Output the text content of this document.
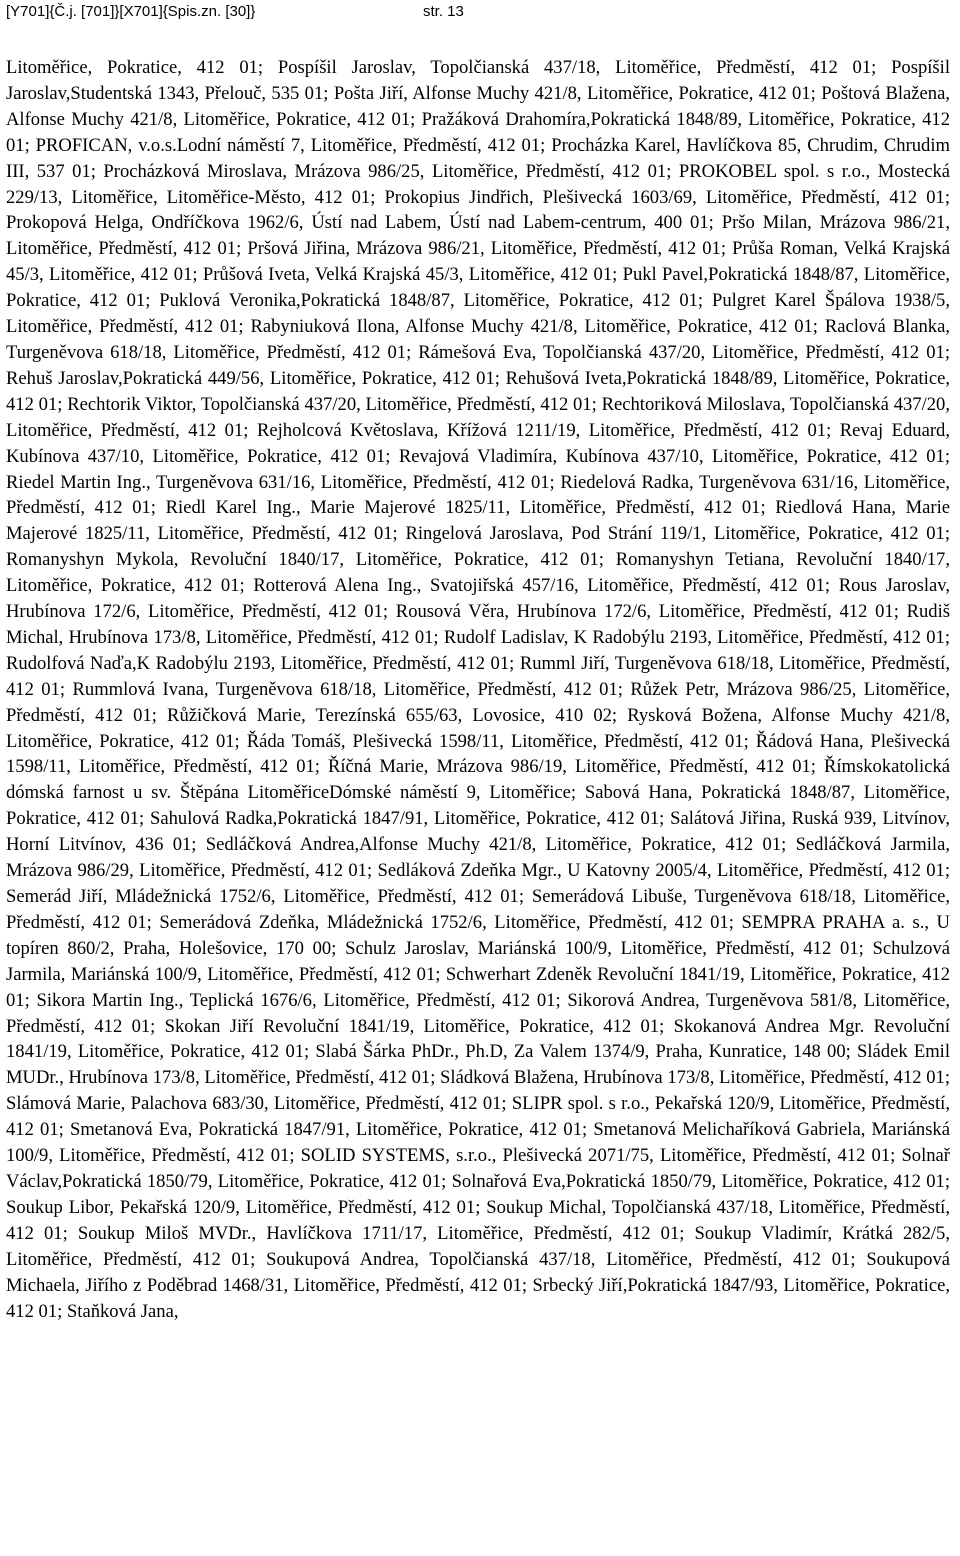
[Y701]{Č.j. [701]}[X701]{Spis.zn. [30]}	str. 13

Litoměřice, Pokratice, 412 01; Pospíšil Jaroslav, Topolčianská 437/18, Litoměřice, Předměstí, 412 01; Pospíšil Jaroslav,Studentská 1343, Přelouč, 535 01; Pošta Jiří, Alfonse Muchy 421/8, Litoměřice, Pokratice, 412 01; Poštová Blažena, Alfonse Muchy 421/8, Litoměřice, Pokratice, 412 01; Pražáková Drahomíra,Pokratická 1848/89, Litoměřice, Pokratice, 412 01; PROFICAN, v.o.s.Lodní náměstí 7, Litoměřice, Předměstí, 412 01; Procházka Karel, Havlíčkova 85, Chrudim, Chrudim III, 537 01; Procházková Miroslava, Mrázova 986/25, Litoměřice, Předměstí, 412 01; PROKOBEL spol. s r.o., Mostecká 229/13, Litoměřice, Litoměřice-Město, 412 01; Prokopius Jindřich, Plešivecká 1603/69, Litoměřice, Předměstí, 412 01; Prokopová Helga, Ondříčkova 1962/6, Ústí nad Labem, Ústí nad Labem-centrum, 400 01; Pršo Milan, Mrázova 986/21, Litoměřice, Předměstí, 412 01; Pršová Jiřina, Mrázova 986/21, Litoměřice, Předměstí, 412 01; Průša Roman, Velká Krajská 45/3, Litoměřice, 412 01; Průšová Iveta, Velká Krajská 45/3, Litoměřice, 412 01; Pukl Pavel,Pokratická 1848/87, Litoměřice, Pokratice, 412 01; Puklová Veronika,Pokratická 1848/87, Litoměřice, Pokratice, 412 01; Pulgret Karel Špálova 1938/5, Litoměřice, Předměstí, 412 01; Rabyniuková Ilona, Alfonse Muchy 421/8, Litoměřice, Pokratice, 412 01; Raclová Blanka, Turgeněvova 618/18, Litoměřice, Předměstí, 412 01; Rámešová Eva, Topolčianská 437/20, Litoměřice, Předměstí, 412 01; Rehuš Jaroslav,Pokratická 449/56, Litoměřice, Pokratice, 412 01; Rehušová Iveta,Pokratická 1848/89, Litoměřice, Pokratice, 412 01; Rechtorik Viktor, Topolčianská 437/20, Litoměřice, Předměstí, 412 01; Rechtoriková Miloslava, Topolčianská 437/20, Litoměřice, Předměstí, 412 01; Rejholcová Květoslava, Křížová 1211/19, Litoměřice, Předměstí, 412 01; Revaj Eduard, Kubínova 437/10, Litoměřice, Pokratice, 412 01; Revajová Vladimíra, Kubínova 437/10, Litoměřice, Pokratice, 412 01; Riedel Martin Ing., Turgeněvova 631/16, Litoměřice, Předměstí, 412 01; Riedelová Radka, Turgeněvova 631/16, Litoměřice, Předměstí, 412 01; Riedl Karel Ing., Marie Majerové 1825/11, Litoměřice, Předměstí, 412 01; Riedlová Hana, Marie Majerové 1825/11, Litoměřice, Předměstí, 412 01; Ringelová Jaroslava, Pod Strání 119/1, Litoměřice, Pokratice, 412 01; Romanyshyn Mykola, Revoluční 1840/17, Litoměřice, Pokratice, 412 01; Romanyshyn Tetiana, Revoluční 1840/17, Litoměřice, Pokratice, 412 01; Rotterová Alena Ing., Svatojiřská 457/16, Litoměřice, Předměstí, 412 01; Rous Jaroslav, Hrubínova 172/6, Litoměřice, Předměstí, 412 01; Rousová Věra, Hrubínova 172/6, Litoměřice, Předměstí, 412 01; Rudiš Michal, Hrubínova 173/8, Litoměřice, Předměstí, 412 01; Rudolf Ladislav, K Radobýlu 2193, Litoměřice, Předměstí, 412 01; Rudolfová Naďa,K Radobýlu 2193, Litoměřice, Předměstí, 412 01; Rumml Jiří, Turgeněvova 618/18, Litoměřice, Předměstí, 412 01; Rummlová Ivana, Turgeněvova 618/18, Litoměřice, Předměstí, 412 01; Růžek Petr, Mrázova 986/25, Litoměřice, Předměstí, 412 01; Růžičková Marie, Terezínská 655/63, Lovosice, 410 02; Rysková Božena, Alfonse Muchy 421/8, Litoměřice, Pokratice, 412 01; Řáda Tomáš, Plešivecká 1598/11, Litoměřice, Předměstí, 412 01; Řádová Hana, Plešivecká 1598/11, Litoměřice, Předměstí, 412 01; Říčná Marie, Mrázova 986/19, Litoměřice, Předměstí, 412 01; Římskokatolická dómská farnost u sv. Štěpána LitoměřiceDómské náměstí 9, Litoměřice; Sabová Hana, Pokratická 1848/87, Litoměřice, Pokratice, 412 01; Sahulová Radka,Pokratická 1847/91, Litoměřice, Pokratice, 412 01; Salátová Jiřina, Ruská 939, Litvínov, Horní Litvínov, 436 01; Sedláčková Andrea,Alfonse Muchy 421/8, Litoměřice, Pokratice, 412 01; Sedláčková Jarmila, Mrázova 986/29, Litoměřice, Předměstí, 412 01; Sedláková Zdeňka Mgr., U Katovny 2005/4, Litoměřice, Předměstí, 412 01; Semerád Jiří, Mládežnická 1752/6, Litoměřice, Předměstí, 412 01; Semerádová Libuše, Turgeněvova 618/18, Litoměřice, Předměstí, 412 01; Semerádová Zdeňka, Mládežnická 1752/6, Litoměřice, Předměstí, 412 01; SEMPRA PRAHA a. s., U topíren 860/2, Praha, Holešovice, 170 00; Schulz Jaroslav, Mariánská 100/9, Litoměřice, Předměstí, 412 01; Schulzová Jarmila, Mariánská 100/9, Litoměřice, Předměstí, 412 01; Schwerhart Zdeněk Revoluční 1841/19, Litoměřice, Pokratice, 412 01; Sikora Martin Ing., Teplická 1676/6, Litoměřice, Předměstí, 412 01; Sikorová Andrea, Turgeněvova 581/8, Litoměřice, Předměstí, 412 01; Skokan Jiří Revoluční 1841/19, Litoměřice, Pokratice, 412 01; Skokanová Andrea Mgr. Revoluční 1841/19, Litoměřice, Pokratice, 412 01; Slabá Šárka PhDr., Ph.D, Za Valem 1374/9, Praha, Kunratice, 148 00; Sládek Emil MUDr., Hrubínova 173/8, Litoměřice, Předměstí, 412 01; Sládková Blažena, Hrubínova 173/8, Litoměřice, Předměstí, 412 01; Slámová Marie, Palachova 683/30, Litoměřice, Předměstí, 412 01; SLIPR spol. s r.o., Pekařská 120/9, Litoměřice, Předměstí, 412 01; Smetanová Eva, Pokratická 1847/91, Litoměřice, Pokratice, 412 01; Smetanová Melichaříková Gabriela, Mariánská 100/9, Litoměřice, Předměstí, 412 01; SOLID SYSTEMS, s.r.o., Plešivecká 2071/75, Litoměřice, Předměstí, 412 01; Solnař Václav,Pokratická 1850/79, Litoměřice, Pokratice, 412 01; Solnařová Eva,Pokratická 1850/79, Litoměřice, Pokratice, 412 01; Soukup Libor, Pekařská 120/9, Litoměřice, Předměstí, 412 01; Soukup Michal, Topolčianská 437/18, Litoměřice, Předměstí, 412 01; Soukup Miloš MVDr., Havlíčkova 1711/17, Litoměřice, Předměstí, 412 01; Soukup Vladimír, Krátká 282/5, Litoměřice, Předměstí, 412 01; Soukupová Andrea, Topolčianská 437/18, Litoměřice, Předměstí, 412 01; Soukupová Michaela, Jiřího z Poděbrad 1468/31, Litoměřice, Předměstí, 412 01; Srbecký Jiří,Pokratická 1847/93, Litoměřice, Pokratice, 412 01; Staňková Jana,
